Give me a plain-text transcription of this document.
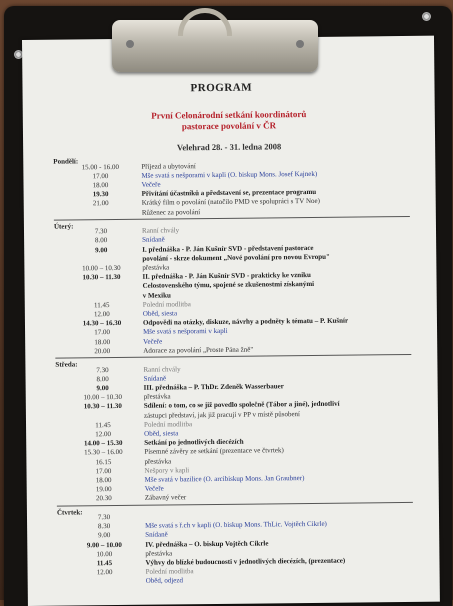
PROGRAM
První Celonárodní setkání koordinátorů
pastorace povolání v ČR
Velehrad 28. - 31. ledna 2008
Pondělí:
15.00 - 16.00	Příjezd a ubytování
17.00	Mše svatá s nešporami v kapli (O. biskup Mons. Josef Kajnek)
18.00	Večeře
19.30	Přivítání účastníků a představení se, prezentace programu
21.00	Krátký film o povolání (natočilo PMD ve spolupráci s TV Noe)
Růženec za povolání
Úterý:
7.30	Ranní chvály
8.00	Snídaně
9.00	I. přednáška - P. Ján Kušnír SVD - představení pastorace
povolání - skrze dokument „Nové povolání pro novou Evropu"
10.00 – 10.30	přestávka
10.30 – 11.30	II. přednáška - P. Ján Kušnír SVD - prakticky ke vzniku
Celostovenského týmu, spojené se zkušenostmi získanými
v Mexiku
11.45	Polední modlitba
12.00	Oběd, siesta
14.30 – 16.30	Odpovědi na otázky, diskuze, návrhy a podněty k tématu – P. Kušnír
17.00	Mše svatá s nešporami v kapli
18.00	Večeře
20.00	Adorace za povolání „Proste Pána žně"
Středa:
7.30	Ranní chvály
8.00	Snídaně
9.00	III. přednáška – P. ThDr. Zdeněk Wasserbauer
10.00 – 10.30	přestávka
10.30 – 11.30	Sdílení: o tom, co se již povedlo společně (Tábor a jiné), jednotliví
zástupci představí, jak již pracují v PP v místě působení
11.45	Polední modlitba
12.00	Oběd, siesta
14.00 – 15.30	Setkání po jednotlivých diecézích
15.30 – 16.00	Písemné závěry ze setkání (prezentace ve čtvrtek)
16.15	přestávka
17.00	Nešpory v kapli
18.00	Mše svatá v bazilice (O. arcibiskup Mons. Jan Graubner)
19.00	Večeře
20.30	Zábavný večer
Čtvrtek:
7.30
8.30	Mše svatá s ř.ch v kapli (O. biskup Mons. ThLic. Vojtěch Cikrle)
9.00	Snídaně
9.00 – 10.00	IV. přednáška – O. biskup Vojtěch Cikrle
10.00	přestávka
11.45	Výhvy do blízké budoucnosti v jednotlivých diecézích, (prezentace)
12.00	Polední modlitba
Oběd, odjezd
